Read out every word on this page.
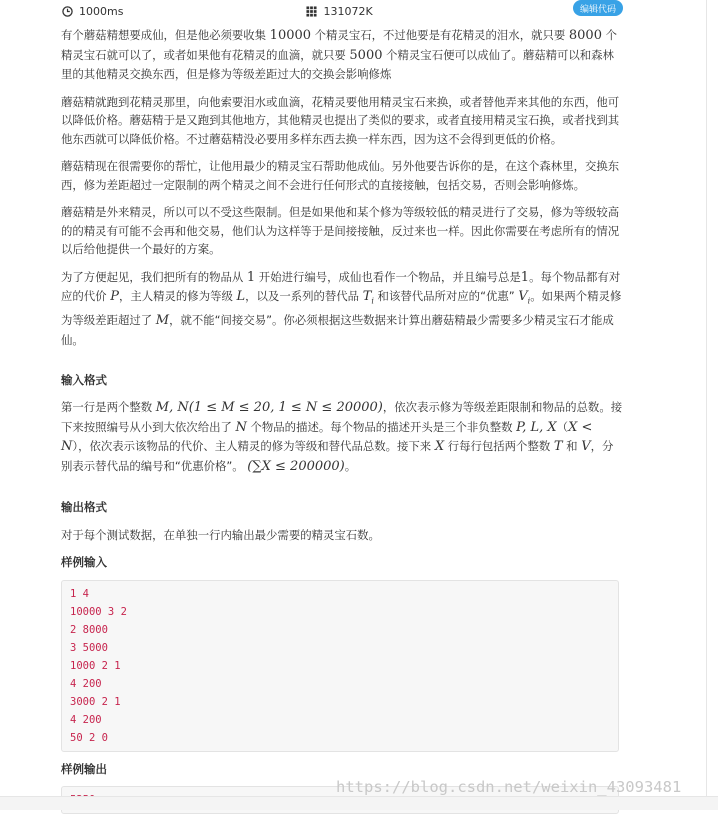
1000ms	131072K	编辑代码

有个蘑菇精想要成仙，但是他必须要收集 10000 个精灵宝石，不过他要是有花精灵的泪水，就只要 8000 个精灵宝石就可以了，或者如果他有花精灵的血滴，就只要 5000 个精灵宝石便可以成仙了。蘑菇精可以和森林里的其他精灵交换东西，但是修为等级差距过大的交换会影响修炼

蘑菇精就跑到花精灵那里，向他索要泪水或血滴，花精灵要他用精灵宝石来换，或者替他弄来其他的东西，他可以降低价格。蘑菇精于是又跑到其他地方，其他精灵也提出了类似的要求，或者直接用精灵宝石换，或者找到其他东西就可以降低价格。不过蘑菇精没必要用多样东西去换一样东西，因为这不会得到更低的价格。

蘑菇精现在很需要你的帮忙，让他用最少的精灵宝石帮助他成仙。另外他要告诉你的是，在这个森林里，交换东西，修为差距超过一定限制的两个精灵之间不会进行任何形式的直接接触，包括交易，否则会影响修炼。

蘑菇精是外来精灵，所以可以不受这些限制。但是如果他和某个修为等级较低的精灵进行了交易，修为等级较高的的精灵有可能不会再和他交易，他们认为这样等于是间接接触，反过来也一样。因此你需要在考虑所有的情况以后给他提供一个最好的方案。

为了方便起见，我们把所有的物品从 1 开始进行编号，成仙也看作一个物品，并且编号总是1。每个物品都有对应的代价 P，主人精灵的修为等级 L，以及一系列的替代品 $T_i$ 和该替代品所对应的“优惠” $V_i$。如果两个精灵修为等级差距超过了 M，就不能“间接交易”。你必须根据这些数据来计算出蘑菇精最少需要多少精灵宝石才能成仙。

输入格式

第一行是两个整数 M, N(1 ≤ M ≤ 20, 1 ≤ N ≤ 20000)，依次表示修为等级差距限制和物品的总数。接下来按照编号从小到大依次给出了 N 个物品的描述。每个物品的描述开头是三个非负整数 P, L, X（X < N），依次表示该物品的代价、主人精灵的修为等级和替代品总数。接下来 X 行每行包括两个整数 T 和 V，分别表示替代品的编号和“优惠价格”。 (∑X ≤ 200000)。

输出格式

对于每个测试数据，在单独一行内输出最少需要的精灵宝石数。

样例输入
1 4
10000 3 2
2 8000
3 5000
1000 2 1
4 200
3000 2 1
4 200
50 2 0
样例输出
https://blog.csdn.net/weixin_43093481
